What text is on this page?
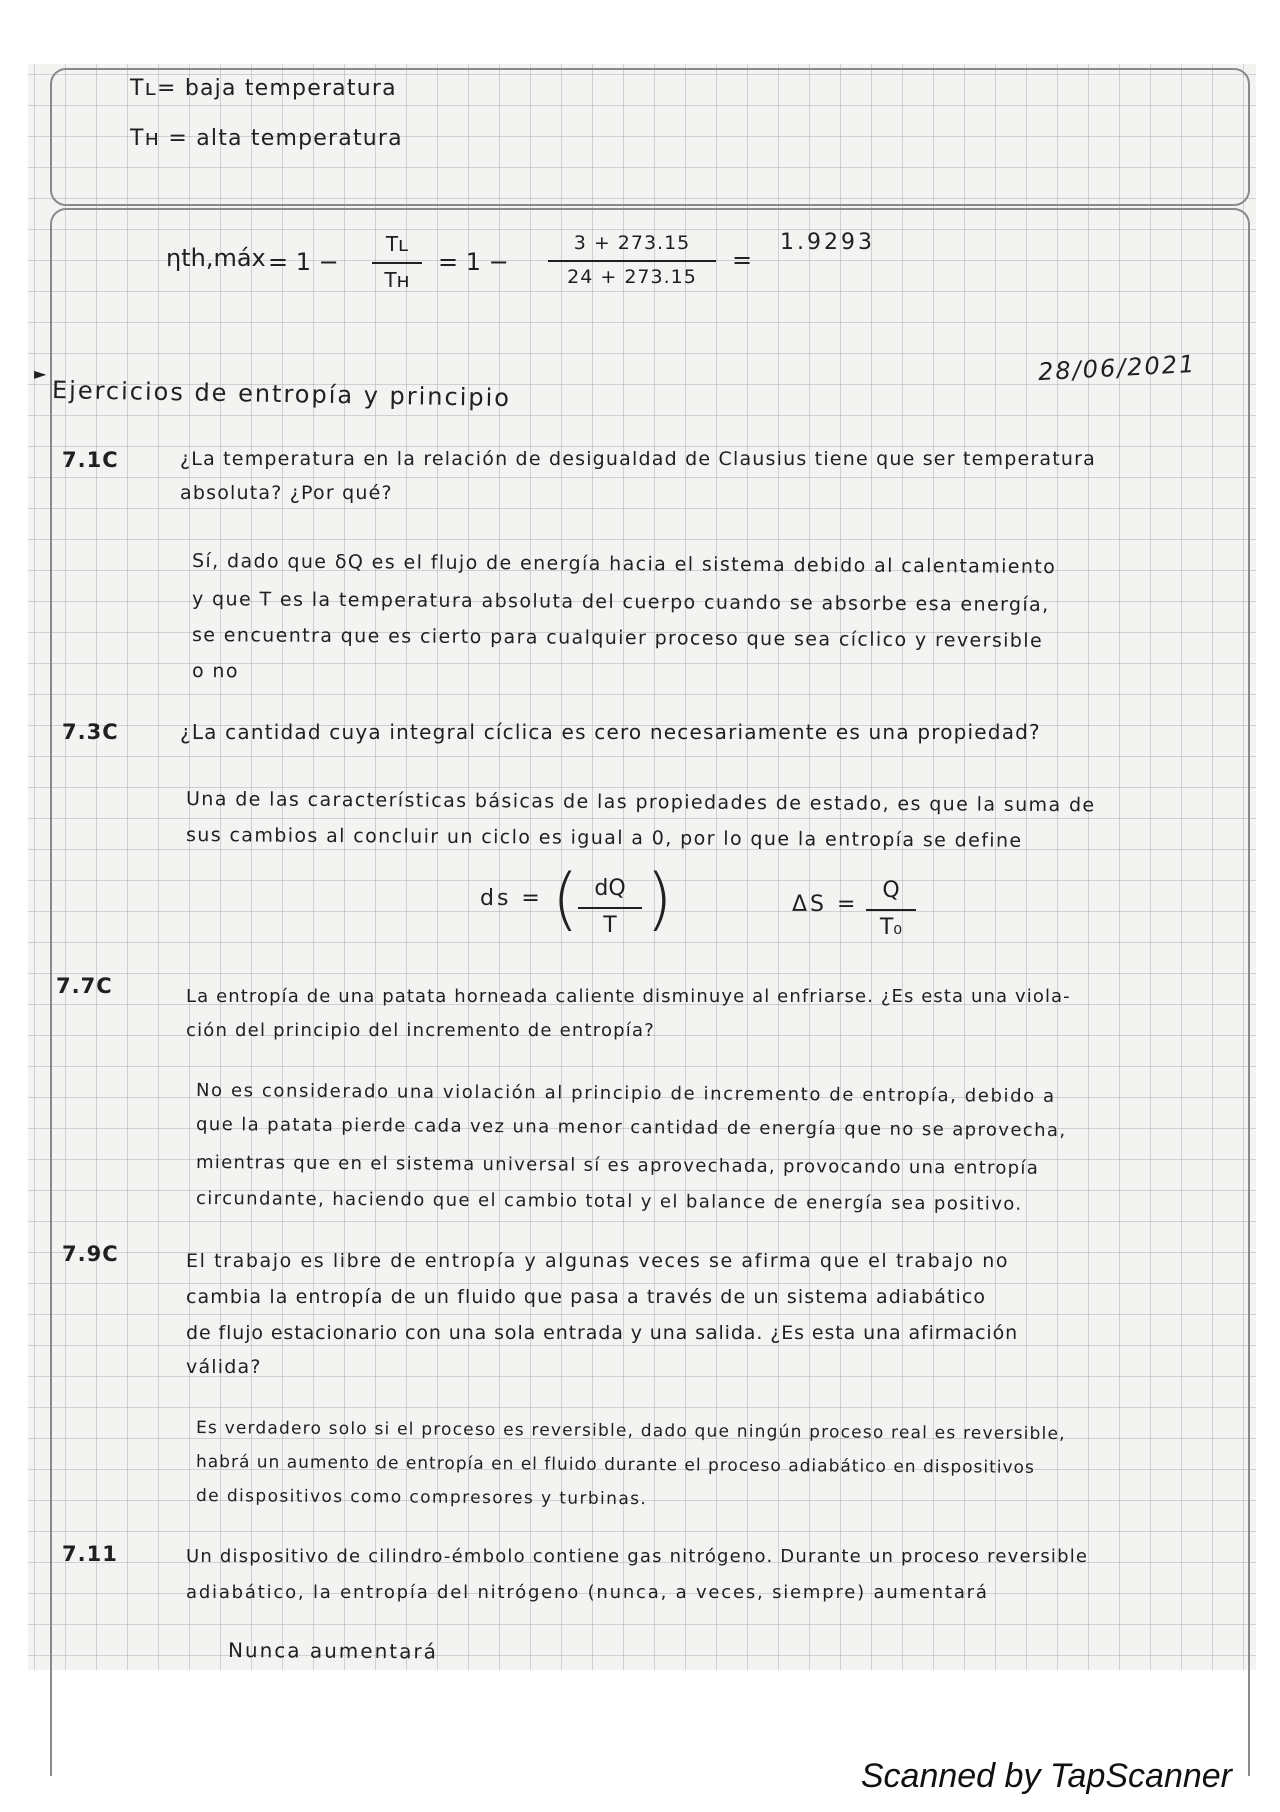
Tʟ= baja temperatura
Tʜ = alta temperatura
ηth,máx = 1 −
Tʟ
Tʜ
= 1 −
3 + 273.15
24 + 273.15
=
1.9293
►
Ejercicios de entropía y principio
28/06/2021
7.1C	¿La temperatura en la relación de desigualdad de Clausius tiene que ser temperatura
absoluta? ¿Por qué?
Sí, dado que δQ es el flujo de energía hacia el sistema debido al calentamiento
y que T es la temperatura absoluta del cuerpo cuando se absorbe esa energía,
se encuentra que es cierto para cualquier proceso que sea cíclico y reversible
o no
7.3C	¿La cantidad cuya integral cíclica es cero necesariamente es una propiedad?
Una de las características básicas de las propiedades de estado, es que la suma de
sus cambios al concluir un ciclo es igual a 0, por lo que la entropía se define
ds = ( dQ
T )	ΔS =
Q
T₀
7.7C	La entropía de una patata horneada caliente disminuye al enfriarse. ¿Es esta una viola-
ción del principio del incremento de entropía?
No es considerado una violación al principio de incremento de entropía, debido a
que la patata pierde cada vez una menor cantidad de energía que no se aprovecha,
mientras que en el sistema universal sí es aprovechada, provocando una entropía
circundante, haciendo que el cambio total y el balance de energía sea positivo.
7.9C	El trabajo es libre de entropía y algunas veces se afirma que el trabajo no
cambia la entropía de un fluido que pasa a través de un sistema adiabático
de flujo estacionario con una sola entrada y una salida. ¿Es esta una afirmación
válida?
Es verdadero solo si el proceso es reversible, dado que ningún proceso real es reversible,
habrá un aumento de entropía en el fluido durante el proceso adiabático en dispositivos
de dispositivos como compresores y turbinas.
7.11	Un dispositivo de cilindro-émbolo contiene gas nitrógeno. Durante un proceso reversible
adiabático, la entropía del nitrógeno (nunca, a veces, siempre) aumentará
Nunca aumentará
Scanned by TapScanner
